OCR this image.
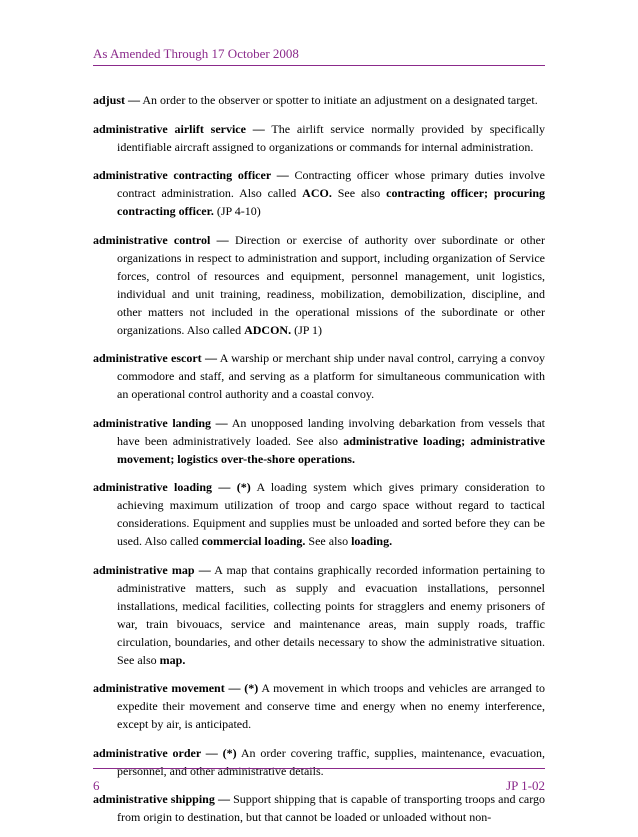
As Amended Through 17 October 2008

adjust — An order to the observer or spotter to initiate an adjustment on a designated target.

administrative airlift service — The airlift service normally provided by specifically identifiable aircraft assigned to organizations or commands for internal administration.

administrative contracting officer — Contracting officer whose primary duties involve contract administration. Also called ACO. See also contracting officer; procuring contracting officer. (JP 4-10)

administrative control — Direction or exercise of authority over subordinate or other organizations in respect to administration and support, including organization of Service forces, control of resources and equipment, personnel management, unit logistics, individual and unit training, readiness, mobilization, demobilization, discipline, and other matters not included in the operational missions of the subordinate or other organizations. Also called ADCON. (JP 1)

administrative escort — A warship or merchant ship under naval control, carrying a convoy commodore and staff, and serving as a platform for simultaneous communication with an operational control authority and a coastal convoy.

administrative landing — An unopposed landing involving debarkation from vessels that have been administratively loaded. See also administrative loading; administrative movement; logistics over-the-shore operations.

administrative loading — (*) A loading system which gives primary consideration to achieving maximum utilization of troop and cargo space without regard to tactical considerations. Equipment and supplies must be unloaded and sorted before they can be used. Also called commercial loading. See also loading.

administrative map — A map that contains graphically recorded information pertaining to administrative matters, such as supply and evacuation installations, personnel installations, medical facilities, collecting points for stragglers and enemy prisoners of war, train bivouacs, service and maintenance areas, main supply roads, traffic circulation, boundaries, and other details necessary to show the administrative situation. See also map.

administrative movement — (*) A movement in which troops and vehicles are arranged to expedite their movement and conserve time and energy when no enemy interference, except by air, is anticipated.

administrative order — (*) An order covering traffic, supplies, maintenance, evacuation, personnel, and other administrative details.

administrative shipping — Support shipping that is capable of transporting troops and cargo from origin to destination, but that cannot be loaded or unloaded without non-

6	JP 1-02
